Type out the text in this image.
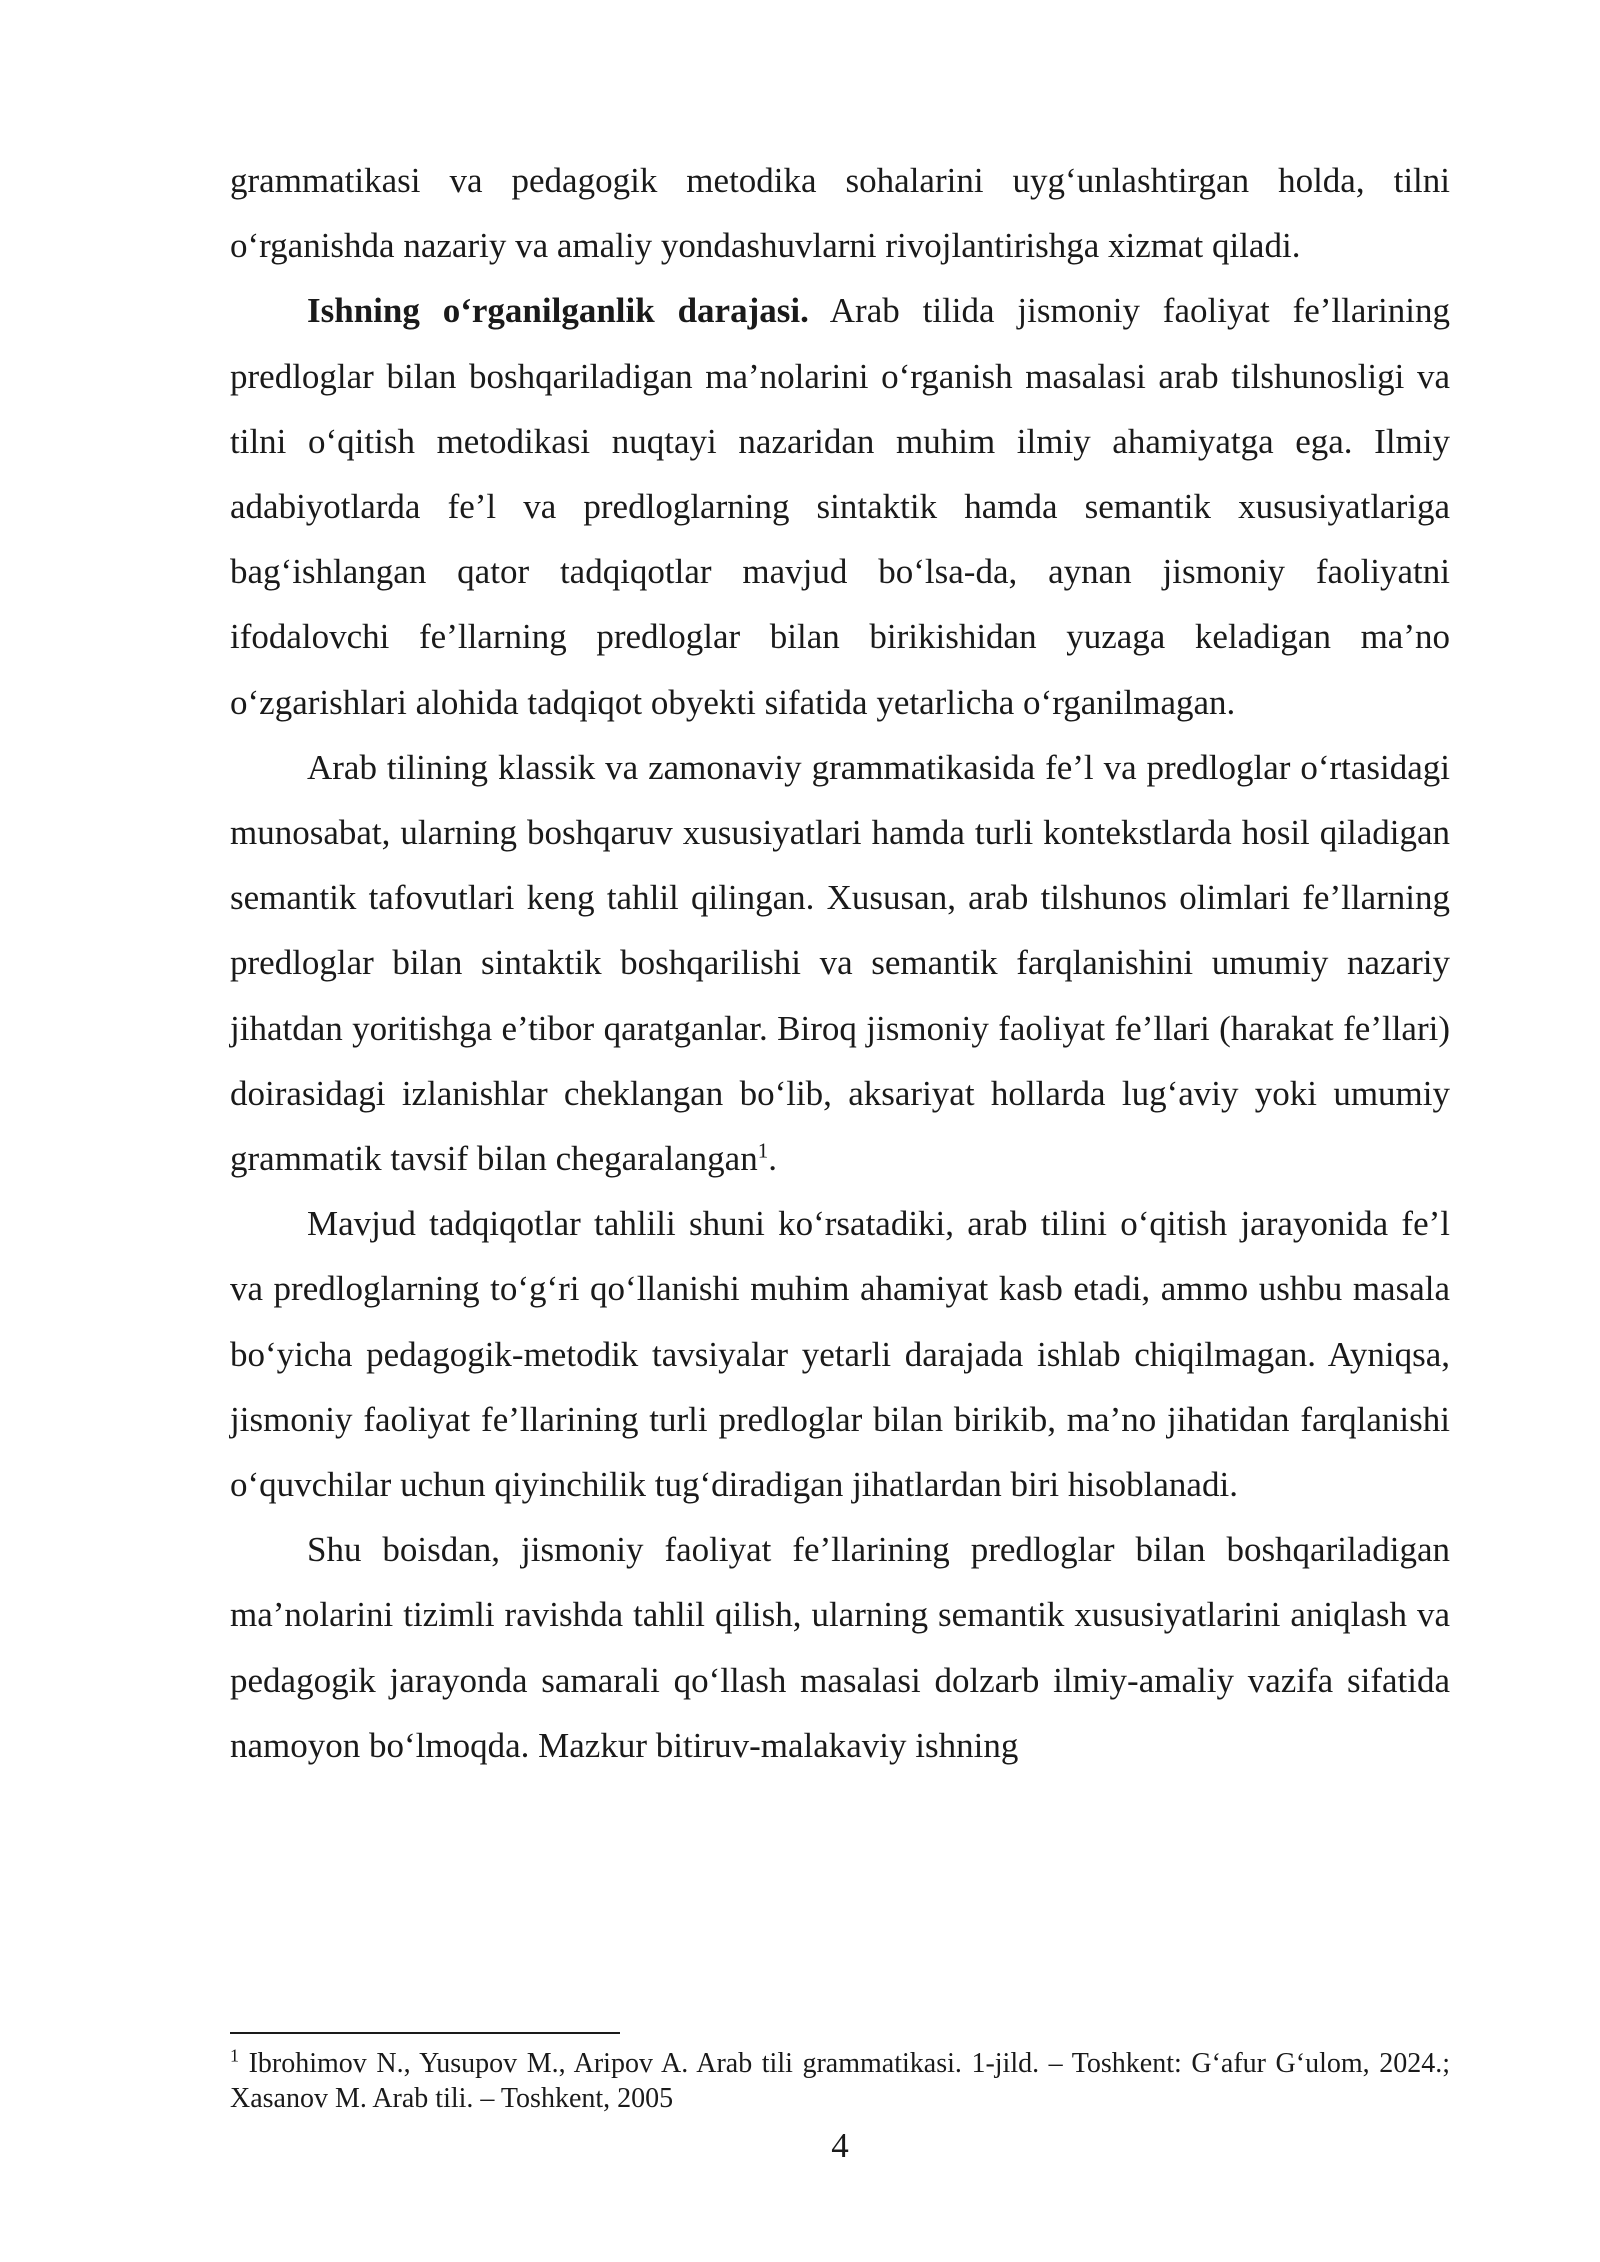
grammatikasi va pedagogik metodika sohalarini uyg‘unlashtirgan holda, tilni o‘rganishda nazariy va amaliy yondashuvlarni rivojlantirishga xizmat qiladi.

Ishning o‘rganilganlik darajasi. Arab tilida jismoniy faoliyat fe’llarining predloglar bilan boshqariladigan ma’nolarini o‘rganish masalasi arab tilshunosligi va tilni o‘qitish metodikasi nuqtayi nazaridan muhim ilmiy ahamiyatga ega. Ilmiy adabiyotlarda fe’l va predloglarning sintaktik hamda semantik xususiyatlariga bag‘ishlangan qator tadqiqotlar mavjud bo‘lsa-da, aynan jismoniy faoliyatni ifodalovchi fe’llarning predloglar bilan birikishidan yuzaga keladigan ma’no o‘zgarishlari alohida tadqiqot obyekti sifatida yetarlicha o‘rganilmagan.

Arab tilining klassik va zamonaviy grammatikasida fe’l va predloglar o‘rtasidagi munosabat, ularning boshqaruv xususiyatlari hamda turli kontekstlarda hosil qiladigan semantik tafovutlari keng tahlil qilingan. Xususan, arab tilshunos olimlari fe’llarning predloglar bilan sintaktik boshqarilishi va semantik farqlanishini umumiy nazariy jihatdan yoritishga e’tibor qaratganlar. Biroq jismoniy faoliyat fe’llari (harakat fe’llari) doirasidagi izlanishlar cheklangan bo‘lib, aksariyat hollarda lug‘aviy yoki umumiy grammatik tavsif bilan chegaralangan$^1$.

Mavjud tadqiqotlar tahlili shuni ko‘rsatadiki, arab tilini o‘qitish jarayonida fe’l va predloglarning to‘g‘ri qo‘llanishi muhim ahamiyat kasb etadi, ammo ushbu masala bo‘yicha pedagogik-metodik tavsiyalar yetarli darajada ishlab chiqilmagan. Ayniqsa, jismoniy faoliyat fe’llarining turli predloglar bilan birikib, ma’no jihatidan farqlanishi o‘quvchilar uchun qiyinchilik tug‘diradigan jihatlardan biri hisoblanadi.

Shu boisdan, jismoniy faoliyat fe’llarining predloglar bilan boshqariladigan ma’nolarini tizimli ravishda tahlil qilish, ularning semantik xususiyatlarini aniqlash va pedagogik jarayonda samarali qo‘llash masalasi dolzarb ilmiy-amaliy vazifa sifatida namoyon bo‘lmoqda. Mazkur bitiruv-malakaviy ishning

$^1$ Ibrohimov N., Yusupov M., Aripov A. Arab tili grammatikasi. 1-jild. – Toshkent: G‘afur G‘ulom, 2024.; Xasanov M. Arab tili. – Toshkent, 2005

4
